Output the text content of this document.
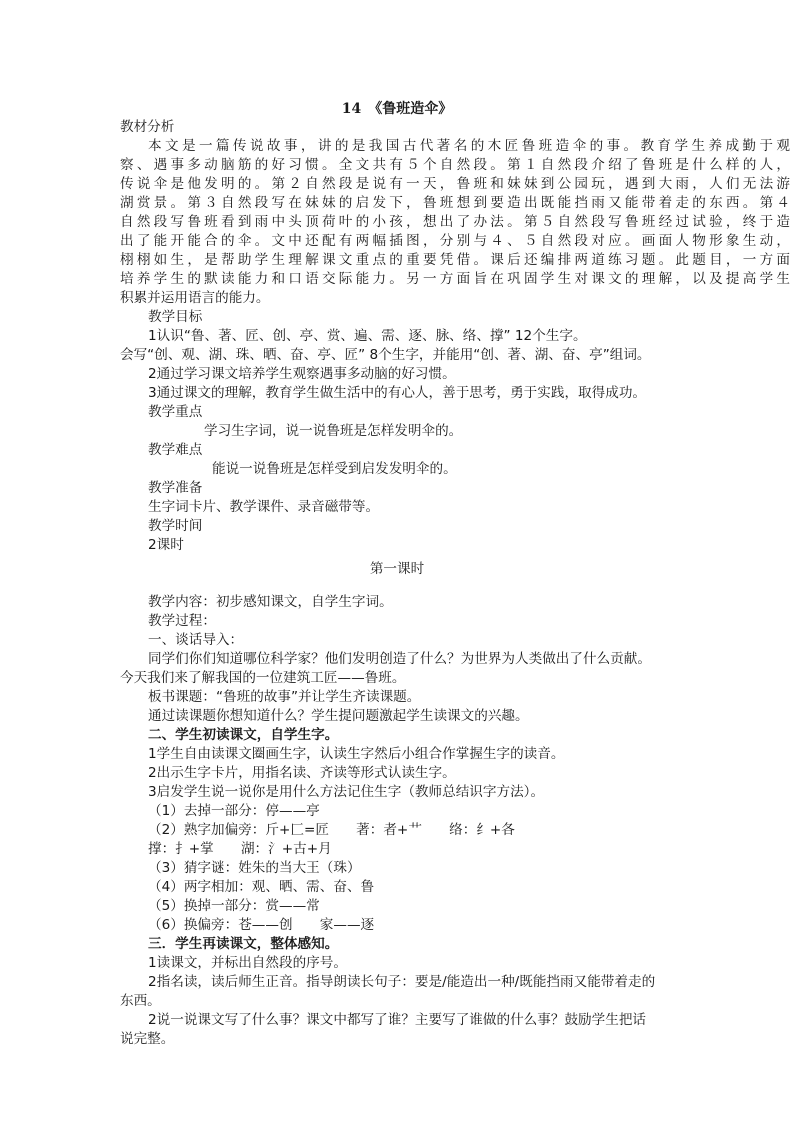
14　《鲁班造伞》
教材分析
本文是一篇传说故事，讲的是我国古代著名的木匠鲁班造伞的事。教育学生养成勤于观
察、遇事多动脑筋的好习惯。全文共有５个自然段。第１自然段介绍了鲁班是什么样的人，
传说伞是他发明的。第２自然段是说有一天，鲁班和妹妹到公园玩，遇到大雨，人们无法游
湖赏景。第３自然段写在妹妹的启发下，鲁班想到要造出既能挡雨又能带着走的东西。第４
自然段写鲁班看到雨中头顶荷叶的小孩，想出了办法。第５自然段写鲁班经过试验，终于造
出了能开能合的伞。文中还配有两幅插图，分别与４、５自然段对应。画面人物形象生动，
栩栩如生，是帮助学生理解课文重点的重要凭借。课后还编排两道练习题。此题目，一方面
培养学生的默读能力和口语交际能力。另一方面旨在巩固学生对课文的理解，以及提高学生
积累并运用语言的能力。
教学目标
1认识“鲁、著、匠、创、亭、赏、遍、需、逐、脉、络、撑” 12个生字。
会写“创、观、湖、珠、晒、奋、亭、匠” 8个生字，并能用“创、著、湖、奋、亭”组词。
2通过学习课文培养学生观察遇事多动脑的好习惯。
3通过课文的理解，教育学生做生活中的有心人，善于思考，勇于实践，取得成功。
教学重点
学习生字词，说一说鲁班是怎样发明伞的。
教学难点
能说一说鲁班是怎样受到启发发明伞的。
教学准备
生字词卡片、教学课件、录音磁带等。
教学时间
2课时
第一课时
教学内容：初步感知课文，自学生字词。
教学过程：
一、谈话导入：
同学们你们知道哪位科学家？他们发明创造了什么？为世界为人类做出了什么贡献。
今天我们来了解我国的一位建筑工匠——鲁班。
板书课题：“鲁班的故事”并让学生齐读课题。
通过读课题你想知道什么？学生提问题激起学生读课文的兴趣。
二、学生初读课文，自学生字。
1学生自由读课文圈画生字，认读生字然后小组合作掌握生字的读音。
2出示生字卡片，用指名读、齐读等形式认读生字。
3启发学生说一说你是用什么方法记住生字（教师总结识字方法）。
（1）去掉一部分：停——亭
（2）熟字加偏旁：斤+匚=匠　　著：者+艹　　络：纟+各
撑：扌+掌　　湖：氵+古+月
（3）猜字谜：姓朱的当大王（珠）
（4）两字相加：观、晒、需、奋、鲁
（5）换掉一部分：赏——常
（6）换偏旁：苍——创　　家——逐
三．学生再读课文，整体感知。
1读课文，并标出自然段的序号。
2指名读，读后师生正音。指导朗读长句子：要是/能造出一种/既能挡雨又能带着走的
东西。
2说一说课文写了什么事？课文中都写了谁？主要写了谁做的什么事？鼓励学生把话
说完整。
